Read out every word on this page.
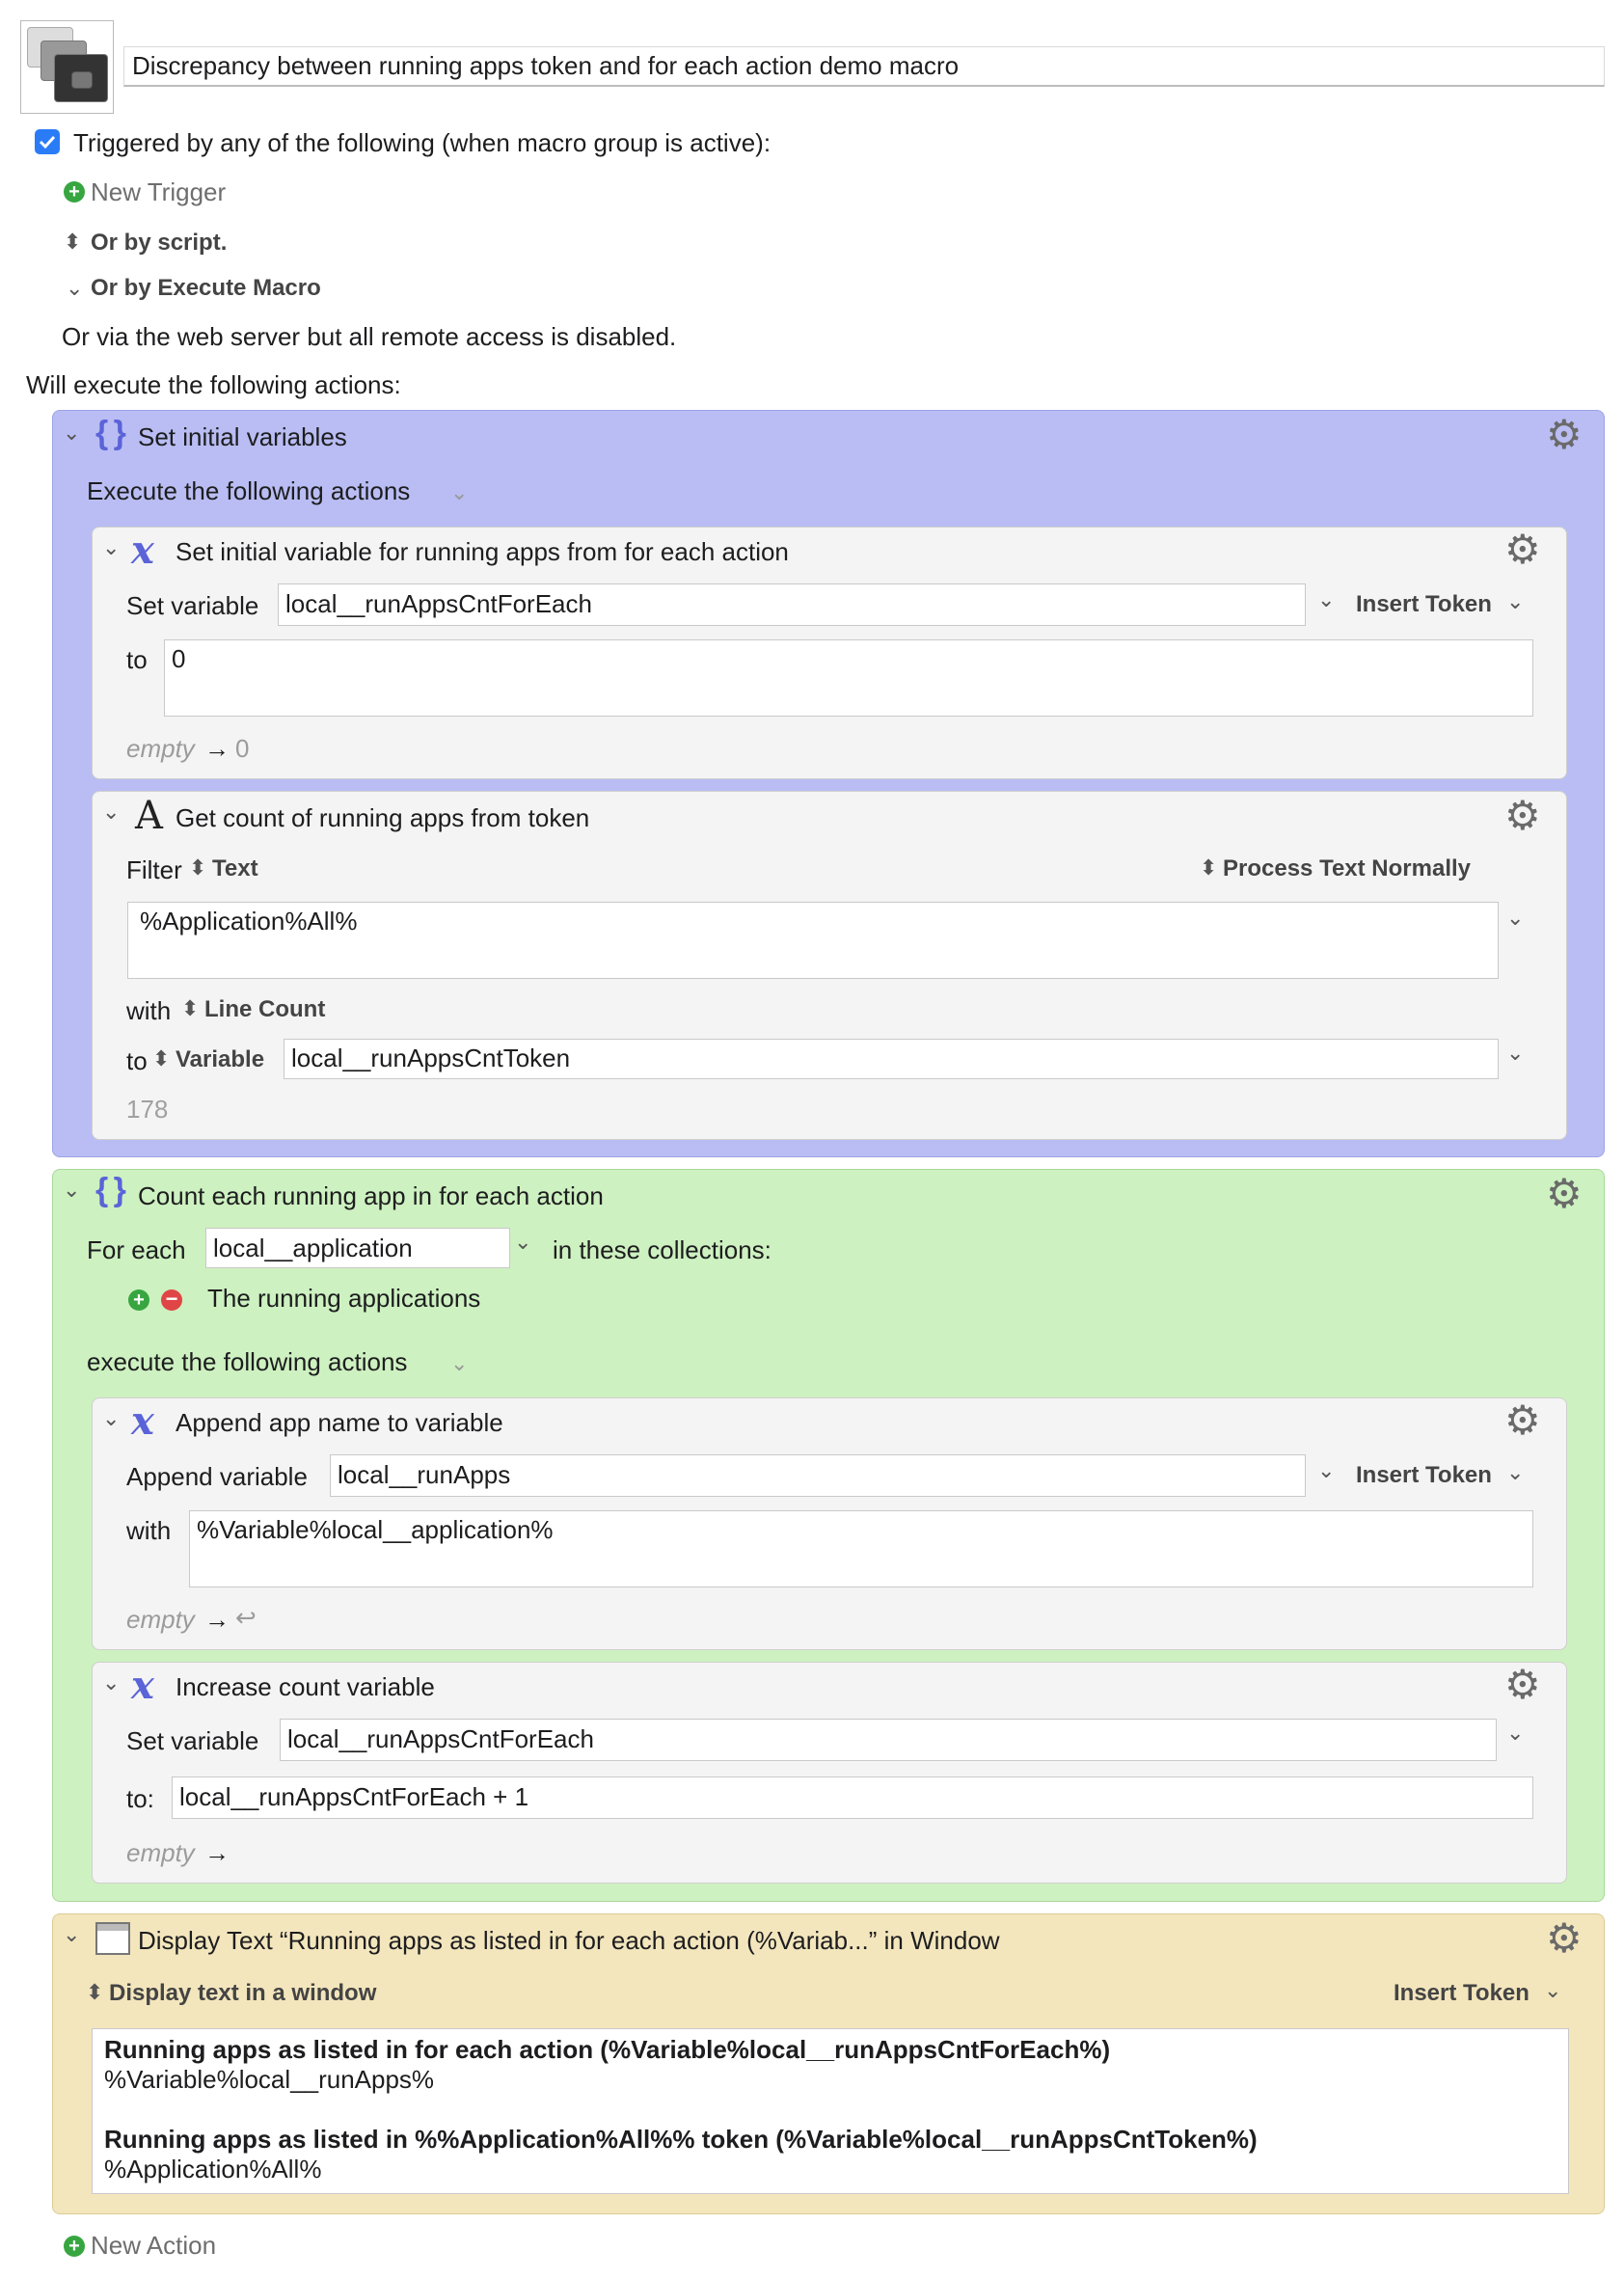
Discrepancy between running apps token and for each action demo macro
Triggered by any of the following (when macro group is active):
+ New Trigger
⬍ Or by script.
⌄ Or by Execute Macro
Or via the web server but all remote access is disabled.
Will execute the following actions:
⌄ { } Set initial variables	⚙
Execute the following actions ⌄
⌄ x Set initial variable for running apps from for each action	⚙
Set variable	local__runAppsCntForEach	⌄ Insert Token ⌄
to 0
empty → 0
⌄ A Get count of running apps from token	⚙
Filter ⬍ Text	⬍ Process Text Normally
%Application%All%	⌄
with ⬍ Line Count
to ⬍ Variable	local__runAppsCntToken	⌄
178
⌄ { } Count each running app in for each action	⚙
For each	local__application	⌄ in these collections:
+ − The running applications
execute the following actions ⌄
⌄ x Append app name to variable	⚙
Append variable	local__runApps	⌄ Insert Token ⌄
with	%Variable%local__application%
empty → ↩
⌄ x Increase count variable	⚙
Set variable	local__runAppsCntForEach	⌄
to:	local__runAppsCntForEach + 1
empty →
⌄ Display Text “Running apps as listed in for each action (%Variab...” in Window	⚙
⬍ Display text in a window	Insert Token ⌄
Running apps as listed in for each action (%Variable%local__runAppsCntForEach%)
%Variable%local__runApps%
Running apps as listed in %%Application%All%% token (%Variable%local__runAppsCntToken%)
%Application%All%
+ New Action
